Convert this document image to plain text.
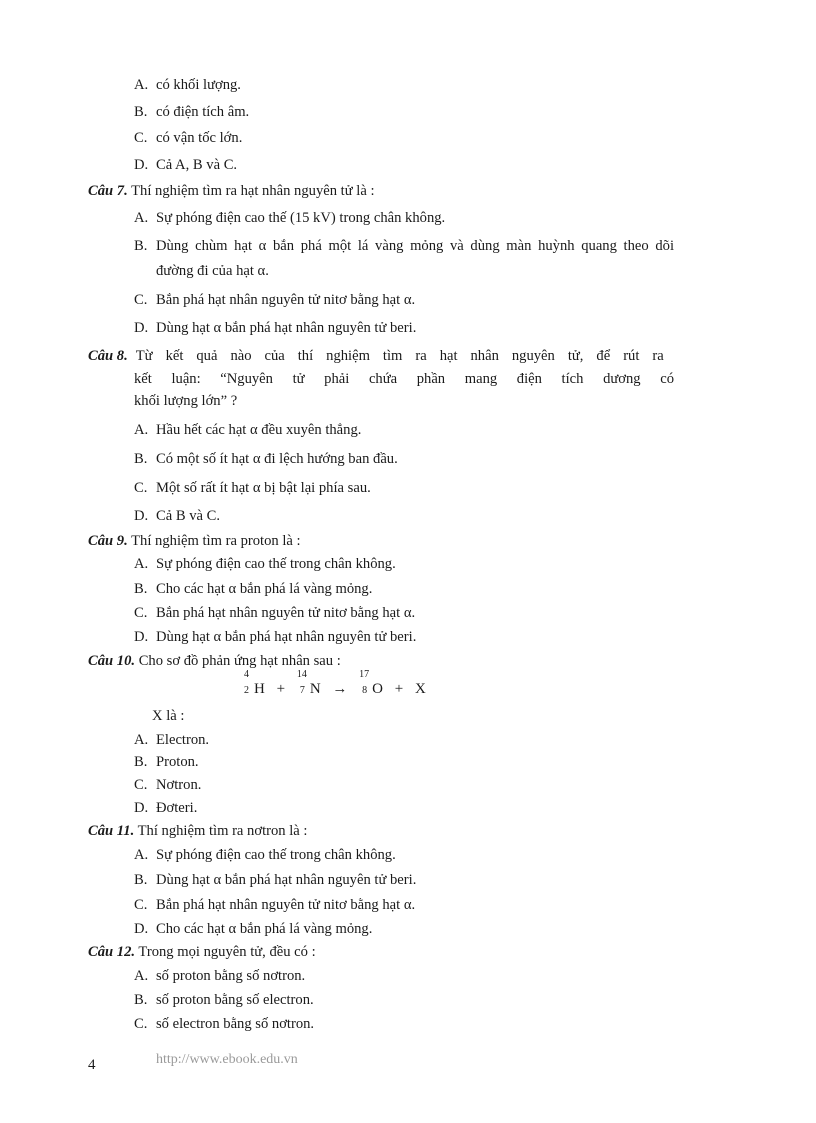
A. có khối lượng.
B. có điện tích âm.
C. có vận tốc lớn.
D. Cả A, B và C.
Câu 7. Thí nghiệm tìm ra hạt nhân nguyên tử là :
A. Sự phóng điện cao thế (15 kV) trong chân không.
B. Dùng chùm hạt α bắn phá một lá vàng mỏng và dùng màn huỳnh quang theo dõi
đường đi của hạt α.
C. Bắn phá hạt nhân nguyên tử nitơ bằng hạt α.
D. Dùng hạt α bắn phá hạt nhân nguyên tử beri.
Câu 8. Từ kết quả nào của thí nghiệm tìm ra hạt nhân nguyên tử, để rút ra
kết luận: “Nguyên tử phải chứa phần mang điện tích dương có
khối lượng lớn” ?
A. Hầu hết các hạt α đều xuyên thẳng.
B. Có một số ít hạt α đi lệch hướng ban đầu.
C. Một số rất ít hạt α bị bật lại phía sau.
D. Cả B và C.
Câu 9. Thí nghiệm tìm ra proton là :
A. Sự phóng điện cao thế trong chân không.
B. Cho các hạt α bắn phá lá vàng mỏng.
C. Bắn phá hạt nhân nguyên tử nitơ bằng hạt α.
D. Dùng hạt α bắn phá hạt nhân nguyên tử beri.
Câu 10. Cho sơ đồ phản ứng hạt nhân sau :
4
2 H +
14
7 N →
17
8 O + X
X là :
A. Electron.
B. Proton.
C. Nơtron.
D. Đơteri.
Câu 11. Thí nghiệm tìm ra nơtron là :
A. Sự phóng điện cao thế trong chân không.
B. Dùng hạt α bắn phá hạt nhân nguyên tử beri.
C. Bắn phá hạt nhân nguyên tử nitơ bằng hạt α.
D. Cho các hạt α bắn phá lá vàng mỏng.
Câu 12. Trong mọi nguyên tử, đều có :
A. số proton bằng số nơtron.
B. số proton bằng số electron.
C. số electron bằng số nơtron.
4	http://www.ebook.edu.vn
